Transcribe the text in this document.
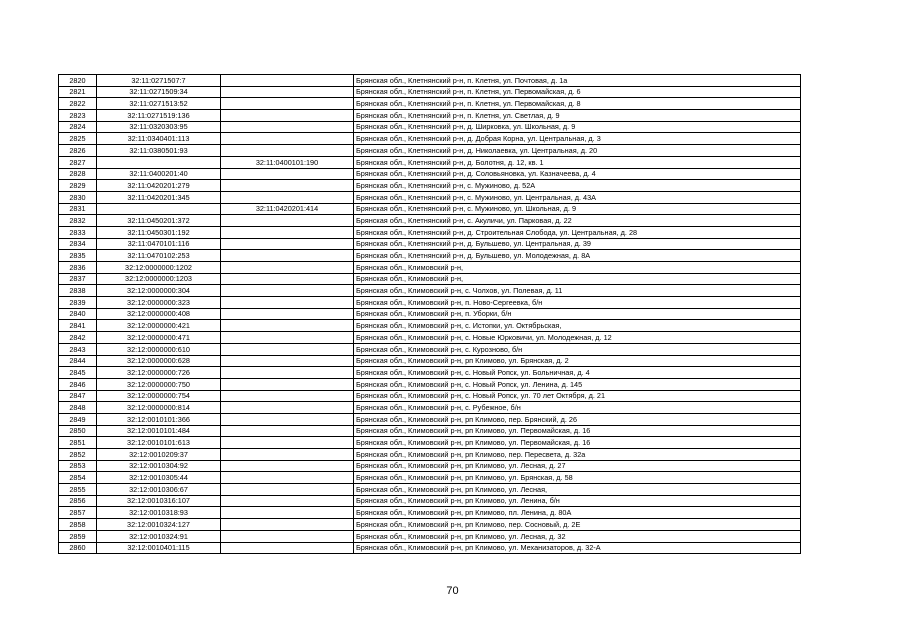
2820	32:11:0271507:7		Брянская обл., Клетнянский р-н, п. Клетня, ул. Почтовая, д. 1а
2821	32:11:0271509:34		Брянская обл., Клетнянский р-н, п. Клетня, ул. Первомайская, д. 6
2822	32:11:0271513:52		Брянская обл., Клетнянский р-н, п. Клетня, ул. Первомайская, д. 8
2823	32:11:0271519:136		Брянская обл., Клетнянский р-н, п. Клетня, ул. Светлая, д. 9
2824	32:11:0320303:95		Брянская обл., Клетнянский р-н, д. Ширковка, ул. Школьная, д. 9
2825	32:11:0340401:113		Брянская обл., Клетнянский р-н, д. Добрая Корна, ул. Центральная, д. 3
2826	32:11:0380501:93		Брянская обл., Клетнянский р-н, д. Николаевка, ул. Центральная, д. 20
2827		32:11:0400101:190	Брянская обл., Клетнянский р-н, д. Болотня, д. 12, кв. 1
2828	32:11:0400201:40		Брянская обл., Клетнянский р-н, д. Соловьяновка, ул. Казначеева, д. 4
2829	32:11:0420201:279		Брянская обл., Клетнянский р-н, с. Мужиново, д. 52А
2830	32:11:0420201:345		Брянская обл., Клетнянский р-н, с. Мужиново, ул. Центральная, д. 43А
2831		32:11:0420201:414	Брянская обл., Клетнянский р-н, с. Мужиново, ул. Школьная, д. 9
2832	32:11:0450201:372		Брянская обл., Клетнянский р-н, с. Акуличи, ул. Парковая, д. 22
2833	32:11:0450301:192		Брянская обл., Клетнянский р-н, д. Строительная Слобода, ул. Центральная, д. 28
2834	32:11:0470101:116		Брянская обл., Клетнянский р-н, д. Бульшево, ул. Центральная, д. 39
2835	32:11:0470102:253		Брянская обл., Клетнянский р-н, д. Бульшево, ул. Молодежная, д. 8А
2836	32:12:0000000:1202		Брянская обл., Климовский р-н,
2837	32:12:0000000:1203		Брянская обл., Климовский р-н,
2838	32:12:0000000:304		Брянская обл., Климовский р-н, с. Чолхов, ул. Полевая, д. 11
2839	32:12:0000000:323		Брянская обл., Климовский р-н, п. Ново-Сергеевка, б/н
2840	32:12:0000000:408		Брянская обл., Климовский р-н, п. Уборки, б/н
2841	32:12:0000000:421		Брянская обл., Климовский р-н, с. Истопки, ул. Октябрьская,
2842	32:12:0000000:471		Брянская обл., Климовский р-н, с. Новые Юрковичи, ул. Молодежная, д. 12
2843	32:12:0000000:610		Брянская обл., Климовский р-н, с. Курозново, б/н
2844	32:12:0000000:628		Брянская обл., Климовский р-н, рп Климово, ул. Брянская, д. 2
2845	32:12:0000000:726		Брянская обл., Климовский р-н, с. Новый Ропск, ул. Больничная, д. 4
2846	32:12:0000000:750		Брянская обл., Климовский р-н, с. Новый Ропск, ул. Ленина, д. 145
2847	32:12:0000000:754		Брянская обл., Климовский р-н, с. Новый Ропск, ул. 70 лет Октября, д. 21
2848	32:12:0000000:814		Брянская обл., Климовский р-н, с. Рубежное, б/н
2849	32:12:0010101:366		Брянская обл., Климовский р-н, рп Климово, пер. Брянский, д. 26
2850	32:12:0010101:484		Брянская обл., Климовский р-н, рп Климово, ул. Первомайская, д. 16
2851	32:12:0010101:613		Брянская обл., Климовский р-н, рп Климово, ул. Первомайская, д. 16
2852	32:12:0010209:37		Брянская обл., Климовский р-н, рп Климово, пер. Пересвета, д. 32а
2853	32:12:0010304:92		Брянская обл., Климовский р-н, рп Климово, ул. Лесная, д. 27
2854	32:12:0010305:44		Брянская обл., Климовский р-н, рп Климово, ул. Брянская, д. 58
2855	32:12:0010306:67		Брянская обл., Климовский р-н, рп Климово, ул. Лесная,
2856	32:12:0010316:107		Брянская обл., Климовский р-н, рп Климово, ул. Ленина, б/н
2857	32:12:0010318:93		Брянская обл., Климовский р-н, рп Климово, пл. Ленина, д. 80А
2858	32:12:0010324:127		Брянская обл., Климовский р-н, рп Климово, пер. Сосновый, д. 2Е
2859	32:12:0010324:91		Брянская обл., Климовский р-н, рп Климово, ул. Лесная, д. 32
2860	32:12:0010401:115		Брянская обл., Климовский р-н, рп Климово, ул. Механизаторов, д. 32-А
70
